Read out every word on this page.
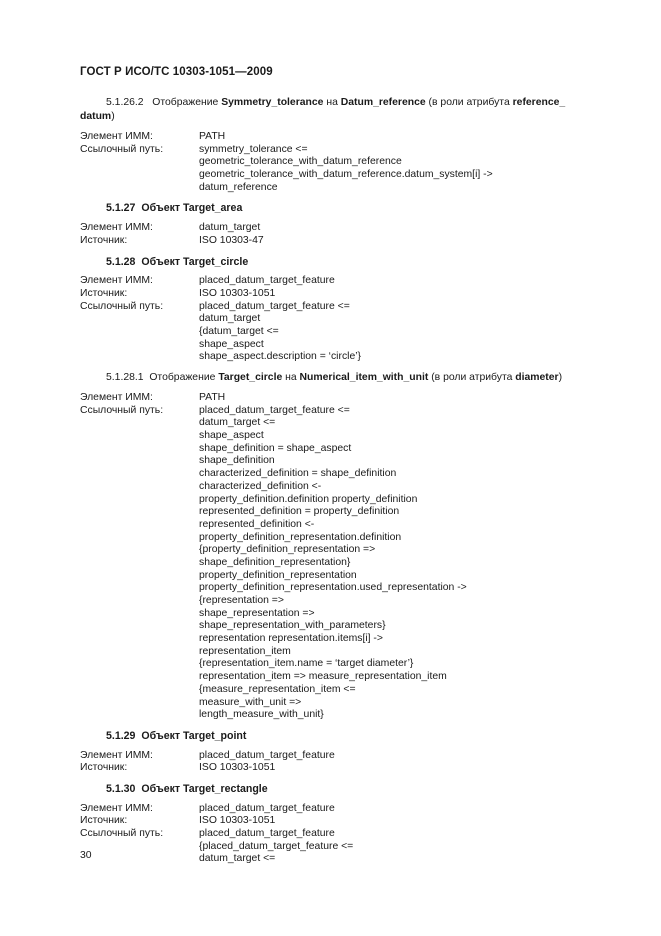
ГОСТ Р ИСО/ТС 10303-1051—2009
5.1.26.2 Отображение Symmetry_tolerance на Datum_reference (в роли атрибута reference_
datum)
Элемент ИММ:	PATH
Ссылочный путь:	symmetry_tolerance <=
geometric_tolerance_with_datum_reference
geometric_tolerance_with_datum_reference.datum_system[i] ->
datum_reference
5.1.27 Объект Target_area
Элемент ИММ:	datum_target
Источник:	ISO 10303-47
5.1.28 Объект Target_circle
Элемент ИММ:	placed_datum_target_feature
Источник:	ISO 10303-1051
Ссылочный путь:	placed_datum_target_feature <=
datum_target
{datum_target <=
shape_aspect
shape_aspect.description = ‘circle’}
5.1.28.1 Отображение Target_circle на Numerical_item_with_unit (в роли атрибута diameter)
Элемент ИММ:	PATH
Ссылочный путь:	placed_datum_target_feature <=
datum_target <=
shape_aspect
shape_definition = shape_aspect
shape_definition
characterized_definition = shape_definition
characterized_definition <-
property_definition.definition property_definition
represented_definition = property_definition
represented_definition <-
property_definition_representation.definition
{property_definition_representation =>
shape_definition_representation}
property_definition_representation
property_definition_representation.used_representation ->
{representation =>
shape_representation =>
shape_representation_with_parameters}
representation representation.items[i] ->
representation_item
{representation_item.name = ‘target diameter’}
representation_item => measure_representation_item
{measure_representation_item <=
measure_with_unit =>
length_measure_with_unit}
5.1.29 Объект Target_point
Элемент ИММ:	placed_datum_target_feature
Источник:	ISO 10303-1051
5.1.30 Объект Target_rectangle
Элемент ИММ:	placed_datum_target_feature
Источник:	ISO 10303-1051
Ссылочный путь:	placed_datum_target_feature
{placed_datum_target_feature <=
datum_target <=
30
